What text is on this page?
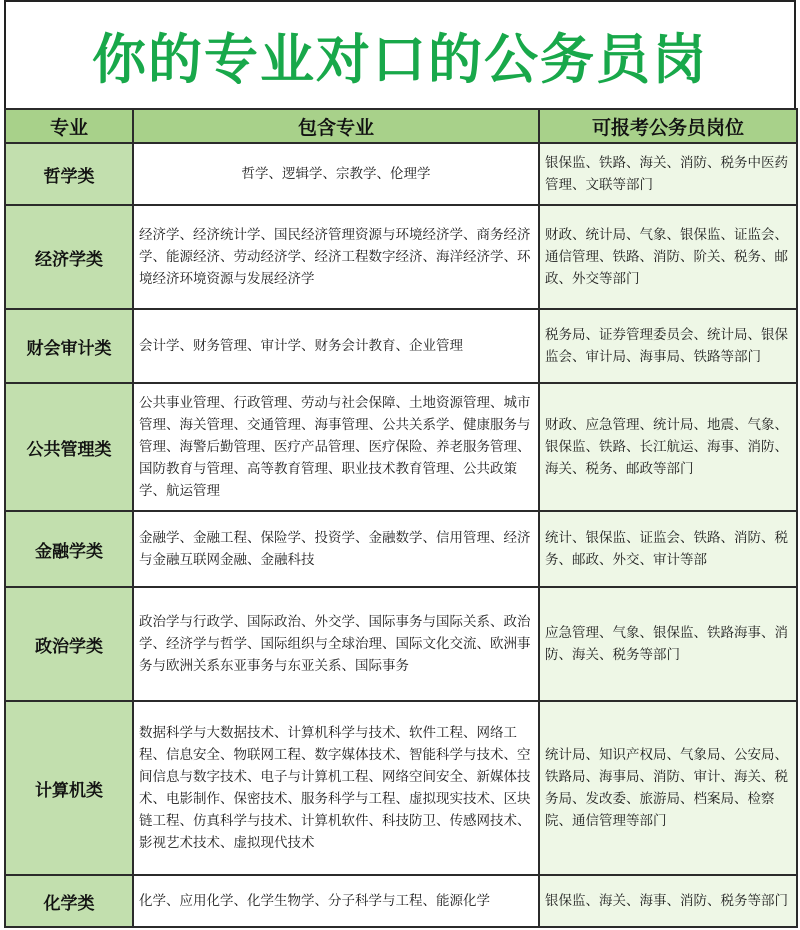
你的专业对口的公务员岗
专业	包含专业	可报考公务员岗位
哲学类	哲学、逻辑学、宗教学、伦理学	银保监、铁路、海关、消防、税务中医药管理、文联等部门
经济学类	经济学、经济统计学、国民经济管理资源与环境经济学、商务经济学、能源经济、劳动经济学、经济工程数字经济、海洋经济学、环境经济环境资源与发展经济学	财政、统计局、气象、银保监、证监会、通信管理、铁路、消防、阶关、税务、邮政、外交等部门
财会审计类	会计学、财务管理、审计学、财务会计教育、企业管理	税务局、证券管理委员会、统计局、银保监会、审计局、海事局、铁路等部门
公共管理类	公共事业管理、行政管理、劳动与社会保障、土地资源管理、城市管理、海关管理、交通管理、海事管理、公共关系学、健康服务与管理、海警后勤管理、医疗产品管理、医疗保险、养老服务管理、国防教育与管理、高等教育管理、职业技术教育管理、公共政策学、航运管理	财政、应急管理、统计局、地震、气象、银保监、铁路、长江航运、海事、消防、海关、税务、邮政等部门
金融学类	金融学、金融工程、保险学、投资学、金融数学、信用管理、经济与金融互联网金融、金融科技	统计、银保监、证监会、铁路、消防、税务、邮政、外交、审计等部
政治学类	政治学与行政学、国际政治、外交学、国际事务与国际关系、政治学、经济学与哲学、国际组织与全球治理、国际文化交流、欧洲事务与欧洲关系东亚事务与东亚关系、国际事务	应急管理、气象、银保监、铁路海事、消防、海关、税务等部门
计算机类	数据科学与大数据技术、计算机科学与技术、软件工程、网络工程、信息安全、物联网工程、数字媒体技术、智能科学与技术、空间信息与数字技术、电子与计算机工程、网络空间安全、新媒体技术、电影制作、保密技术、服务科学与工程、虚拟现实技术、区块链工程、仿真科学与技术、计算机软件、科技防卫、传感网技术、影视艺术技术、虚拟现代技术	统计局、知识产权局、气象局、公安局、铁路局、海事局、消防、审计、海关、税务局、发改委、旅游局、档案局、检察院、通信管理等部门
化学类	化学、应用化学、化学生物学、分子科学与工程、能源化学	银保监、海关、海事、消防、税务等部门
